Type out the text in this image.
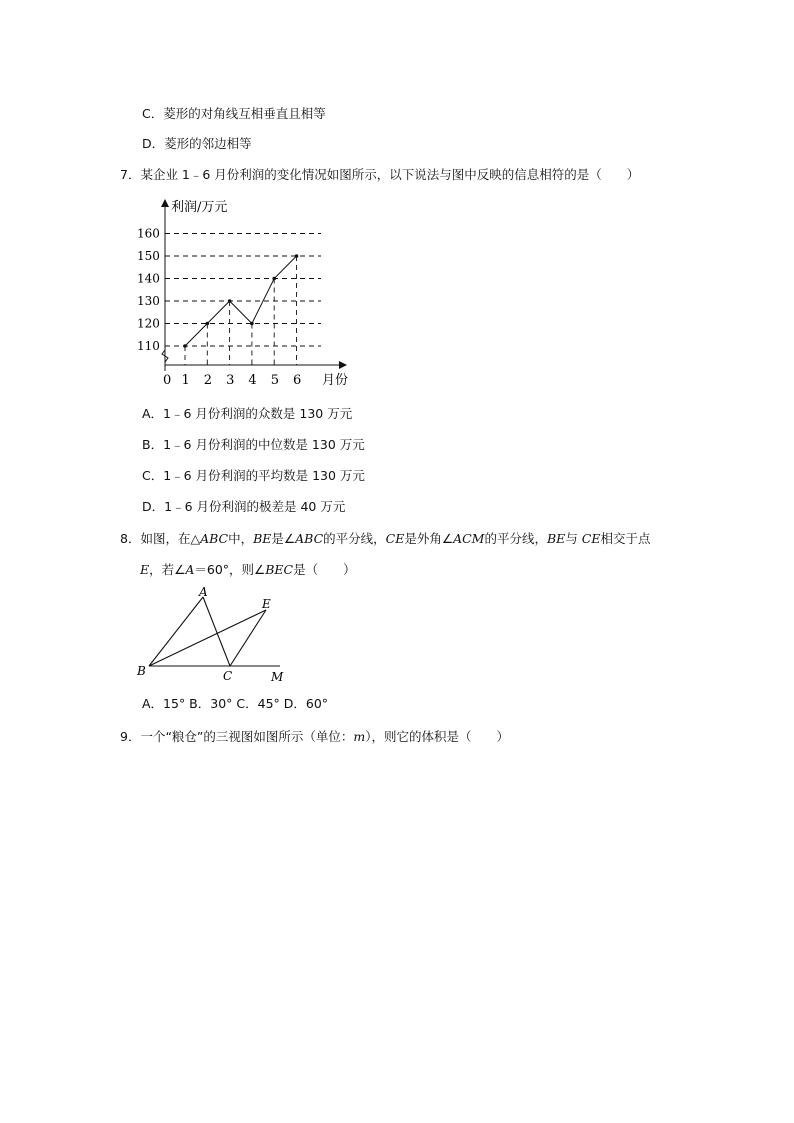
C．菱形的对角线互相垂直且相等
D．菱形的邻边相等
7．某企业 1﹣6 月份利润的变化情况如图所示，以下说法与图中反映的信息相符的是（　　）
利润/万元
月份
0
110
120
130
140
150
160
1 2 3 4 5 6
A．1﹣6 月份利润的众数是 130 万元
B．1﹣6 月份利润的中位数是 130 万元
C．1﹣6 月份利润的平均数是 130 万元
D．1﹣6 月份利润的极差是 40 万元
8．如图，在△ABC中，BE是∠ABC的平分线，CE是外角∠ACM的平分线，BE与 CE相交于点
E，若∠A＝60°，则∠BEC是（　　）
A
B	C
E
M
A．15° B．30° C．45° D．60°
9．一个“粮仓”的三视图如图所示（单位：m），则它的体积是（　　）
